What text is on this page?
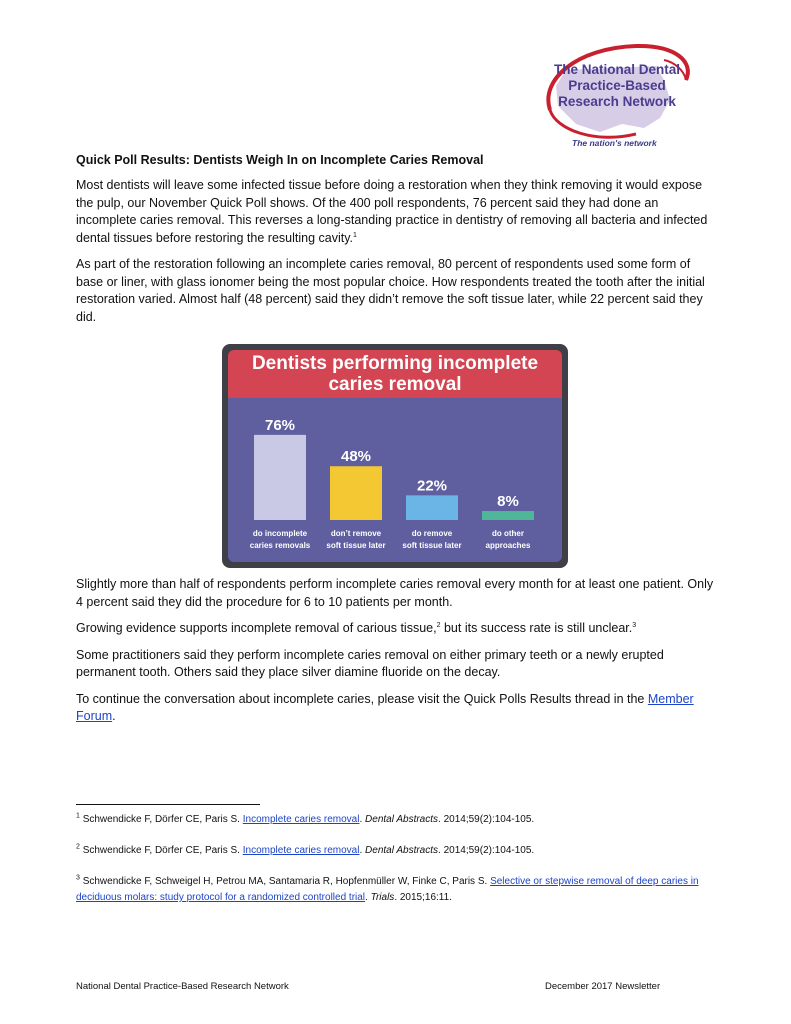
The National Dental
Practice-Based
Research Network
The nation's network
Quick Poll Results: Dentists Weigh In on Incomplete Caries Removal

Most dentists will leave some infected tissue before doing a restoration when they think removing it would expose the pulp, our November Quick Poll shows. Of the 400 poll respondents, 76 percent said they had done an incomplete caries removal. This reverses a long-standing practice in dentistry of removing all bacteria and infected dental tissues before restoring the resulting cavity.$^1$

As part of the restoration following an incomplete caries removal, 80 percent of respondents used some form of base or liner, with glass ionomer being the most popular choice. How respondents treated the tooth after the initial restoration varied. Almost half (48 percent) said they didn’t remove the soft tissue later, while 22 percent said they did.

Dentists performing incomplete
caries removal
76%
do incomplete
caries removals
48%
don’t remove
soft tissue later
22%
do remove
soft tissue later
8%
do other
approaches

Slightly more than half of respondents perform incomplete caries removal every month for at least one patient. Only 4 percent said they did the procedure for 6 to 10 patients per month.

Growing evidence supports incomplete removal of carious tissue,$^2$ but its success rate is still unclear.$^3$

Some practitioners said they perform incomplete caries removal on either primary teeth or a newly erupted permanent tooth. Others said they place silver diamine fluoride on the decay.

To continue the conversation about incomplete caries, please visit the Quick Polls Results thread in the Member Forum.

$^1$ Schwendicke F, Dörfer CE, Paris S. Incomplete caries removal. Dental Abstracts. 2014;59(2):104-105.
$^2$ Schwendicke F, Dörfer CE, Paris S. Incomplete caries removal. Dental Abstracts. 2014;59(2):104-105.
$^3$ Schwendicke F, Schweigel H, Petrou MA, Santamaria R, Hopfenmüller W, Finke C, Paris S. Selective or stepwise removal of deep caries in deciduous molars: study protocol for a randomized controlled trial. Trials. 2015;16:11.
National Dental Practice-Based Research Network	December 2017 Newsletter
